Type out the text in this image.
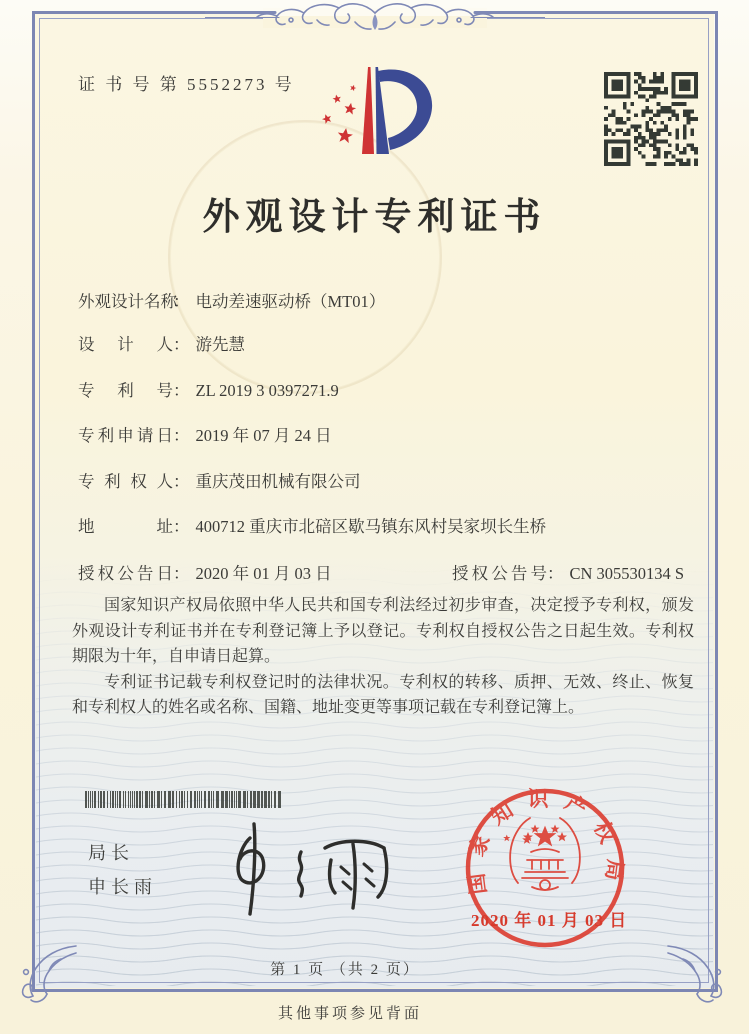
证 书 号 第 5552273 号
外观设计专利证书
外观设计名称： 电动差速驱动桥（MT01）
设计人： 游先慧
专利号： ZL 2019 3 0397271.9
专利申请日： 2019 年 07 月 24 日
专利权人： 重庆茂田机械有限公司
地址： 400712 重庆市北碚区歇马镇东风村吴家坝长生桥
授权公告日： 2020 年 01 月 03 日	授权公告号： CN 305530134 S

国家知识产权局依照中华人民共和国专利法经过初步审查，决定授予专利权，颁发外观设计专利证书并在专利登记簿上予以登记。专利权自授权公告之日起生效。专利权期限为十年，自申请日起算。

专利证书记载专利权登记时的法律状况。专利权的转移、质押、无效、终止、恢复和专利权人的姓名或名称、国籍、地址变更等事项记载在专利登记簿上。

局长
申长雨	国家知识产权局
2020 年 01 月 03 日
第 1 页 （共 2 页）
其他事项参见背面
